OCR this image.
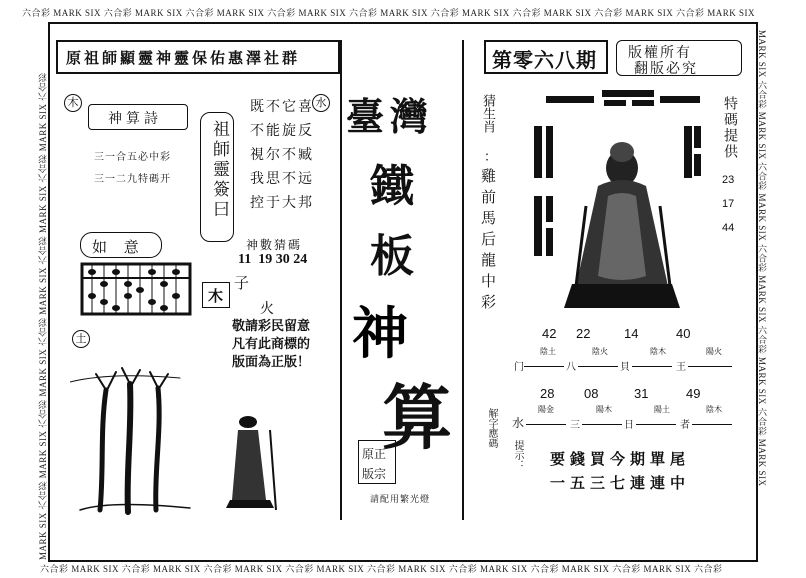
六合彩 MARK SIX 六合彩 MARK SIX 六合彩 MARK SIX 六合彩 MARK SIX 六合彩 MARK SIX 六合彩 MARK SIX 六合彩 MARK SIX 六合彩 MARK SIX 六合彩 MARK SIX
六合彩 MARK SIX 六合彩 MARK SIX 六合彩 MARK SIX 六合彩 MARK SIX 六合彩 MARK SIX 六合彩 MARK SIX 六合彩 MARK SIX 六合彩 MARK SIX 六合彩
MARK SIX 六合彩 MARK SIX 六合彩 MARK SIX 六合彩 MARK SIX 六合彩 MARK SIX 六合彩 MARK SIX 六合彩	MARK SIX 六合彩 MARK SIX 六合彩 MARK SIX 六合彩 MARK SIX 六合彩 MARK SIX 六合彩 MARK SIX
原祖師顯靈神靈保佑惠澤社群
木	水
神算詩
三一合五必中彩
三一二九特碼开 祖師靈簽曰
既不它喜
不能旋反
視尔不臧
我思不远
控于大邦
神數猜碼
11  19 30 24
如 意
木
子
火
敬請彩民留意
凡有此商標的
版面為正版！
土
臺灣
鐵
板
神
算
原正
版宗
請配用繁光燈
第零六八期 版權所有
翻版必究
猜生肖
：
雞前馬后龍中彩
特碼提供
23
17
44
42 22	14	40
陰土	陰火	陰木	陽火
门	八	貝	王
28 08	31	49
陽金	陽木	陽土	陰木
水	三	日	者
解字應碼
提示： 要錢買今期單尾
一五三七連連中
